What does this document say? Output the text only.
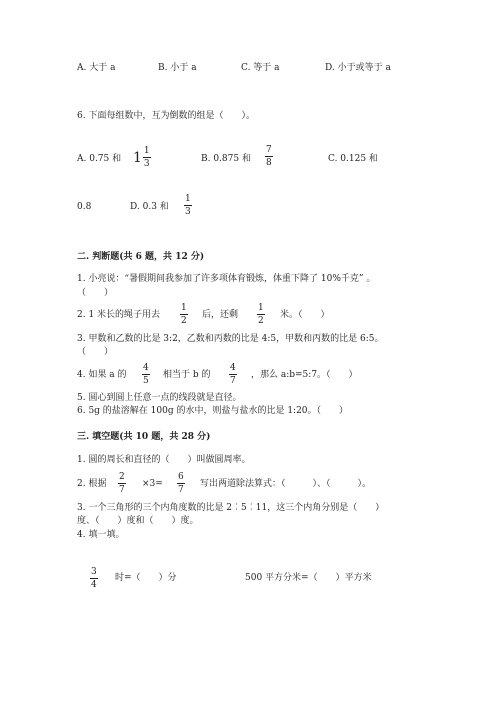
A. 大于 a	B. 小于 a	C. 等于 a	D. 小于或等于 a
6. 下面每组数中，互为倒数的组是（　　）。
A. 0.75 和 $1 \frac{1}{3}$	B. 0.875 和
7
8	C. 0.125 和
0.8	D. 0.3 和
1
3
二. 判断题(共 6 题，共 12 分)
1. 小亮说：“暑假期间我参加了许多项体育锻炼，体重下降了 10%千克” 。
（　　）
2. 1 米长的绳子用去
1
2
后，还剩
1
2
米。（　　）
3. 甲数和乙数的比是 3:2，乙数和丙数的比是 4:5，甲数和丙数的比是 6:5。
（　　）
4. 如果 a 的
4
5
相当于 b 的
4
7
，那么 a:b=5:7。（　　）
5. 圆心到圆上任意一点的线段就是直径。
6. 5g 的盐溶解在 100g 的水中，则盐与盐水的比是 1:20。（　　）
三. 填空题(共 10 题，共 28 分)
1. 圆的周长和直径的（　　）叫做圆周率。
2. 根据
2
7
×3=
6
7
写出两道除法算式：（　　　）、（　　　）。
3. 一个三角形的三个内角度数的比是 2︰5︰11，这三个内角分别是（　　）
度、（　　）度和（　　）度。
4. 填一填。
3
4
时=（　　）分	500 平方分米=（　　）平方米
